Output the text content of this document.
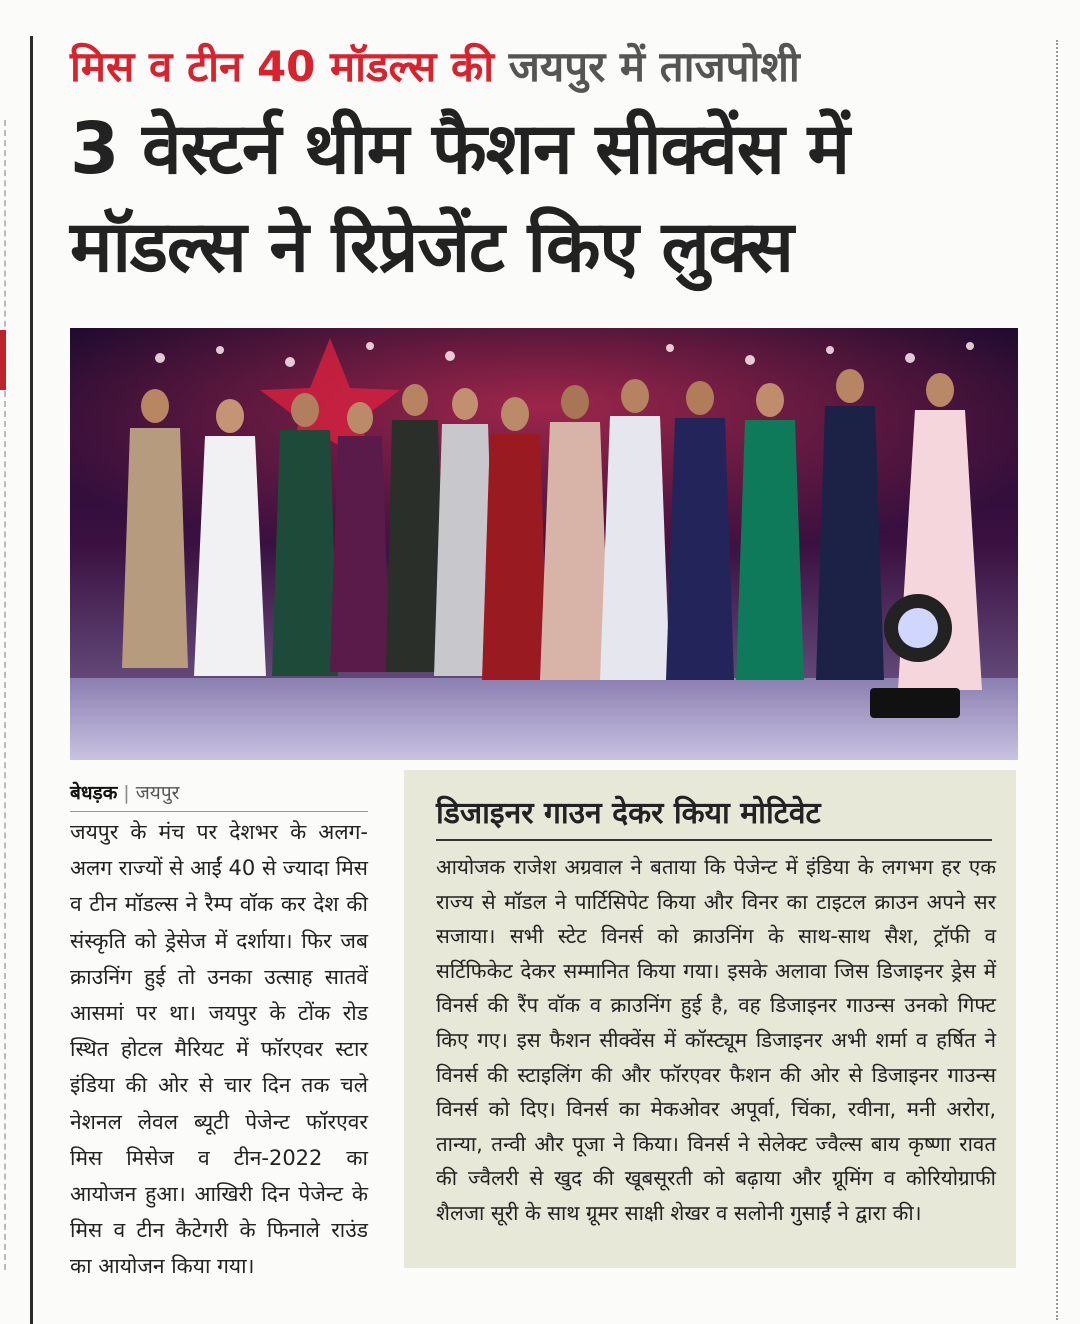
मिस व टीन 40 मॉडल्स की जयपुर में ताजपोशी
3 वेस्टर्न थीम फैशन सीक्वेंस में मॉडल्स ने रिप्रेजेंट किए लुक्स
बेधड़क | जयपुर

जयपुर के मंच पर देशभर के अलग-अलग राज्यों से आईं 40 से ज्यादा मिस व टीन मॉडल्स ने रैम्प वॉक कर देश की संस्कृति को ड्रेसेज में दर्शाया। फिर जब क्राउनिंग हुई तो उनका उत्साह सातवें आसमां पर था। जयपुर के टोंक रोड स्थित होटल मैरियट में फॉरएवर स्टार इंडिया की ओर से चार दिन तक चले नेशनल लेवल ब्यूटी पेजेन्ट फॉरएवर मिस मिसेज व टीन-2022 का आयोजन हुआ। आखिरी दिन पेजेन्ट के मिस व टीन कैटेगरी के फिनाले राउंड का आयोजन किया गया।

डिजाइनर गाउन देकर किया मोटिवेट

आयोजक राजेश अग्रवाल ने बताया कि पेजेन्ट में इंडिया के लगभग हर एक राज्य से मॉडल ने पार्टिसिपेट किया और विनर का टाइटल क्राउन अपने सर सजाया। सभी स्टेट विनर्स को क्राउनिंग के साथ-साथ सैश, ट्रॉफी व सर्टिफिकेट देकर सम्मानित किया गया। इसके अलावा जिस डिजाइनर ड्रेस में विनर्स की रैंप वॉक व क्राउनिंग हुई है, वह डिजाइनर गाउन्स उनको गिफ्ट किए गए। इस फैशन सीक्वेंस में कॉस्ट्यूम डिजाइनर अभी शर्मा व हर्षित ने विनर्स की स्टाइलिंग की और फॉरएवर फैशन की ओर से डिजाइनर गाउन्स विनर्स को दिए। विनर्स का मेकओवर अपूर्वा, चिंका, रवीना, मनी अरोरा, तान्या, तन्वी और पूजा ने किया। विनर्स ने सेलेक्ट ज्वैल्स बाय कृष्णा रावत की ज्वैलरी से खुद की खूबसूरती को बढ़ाया और ग्रूमिंग व कोरियोग्राफी शैलजा सूरी के साथ ग्रूमर साक्षी शेखर व सलोनी गुसाईं ने द्वारा की।
